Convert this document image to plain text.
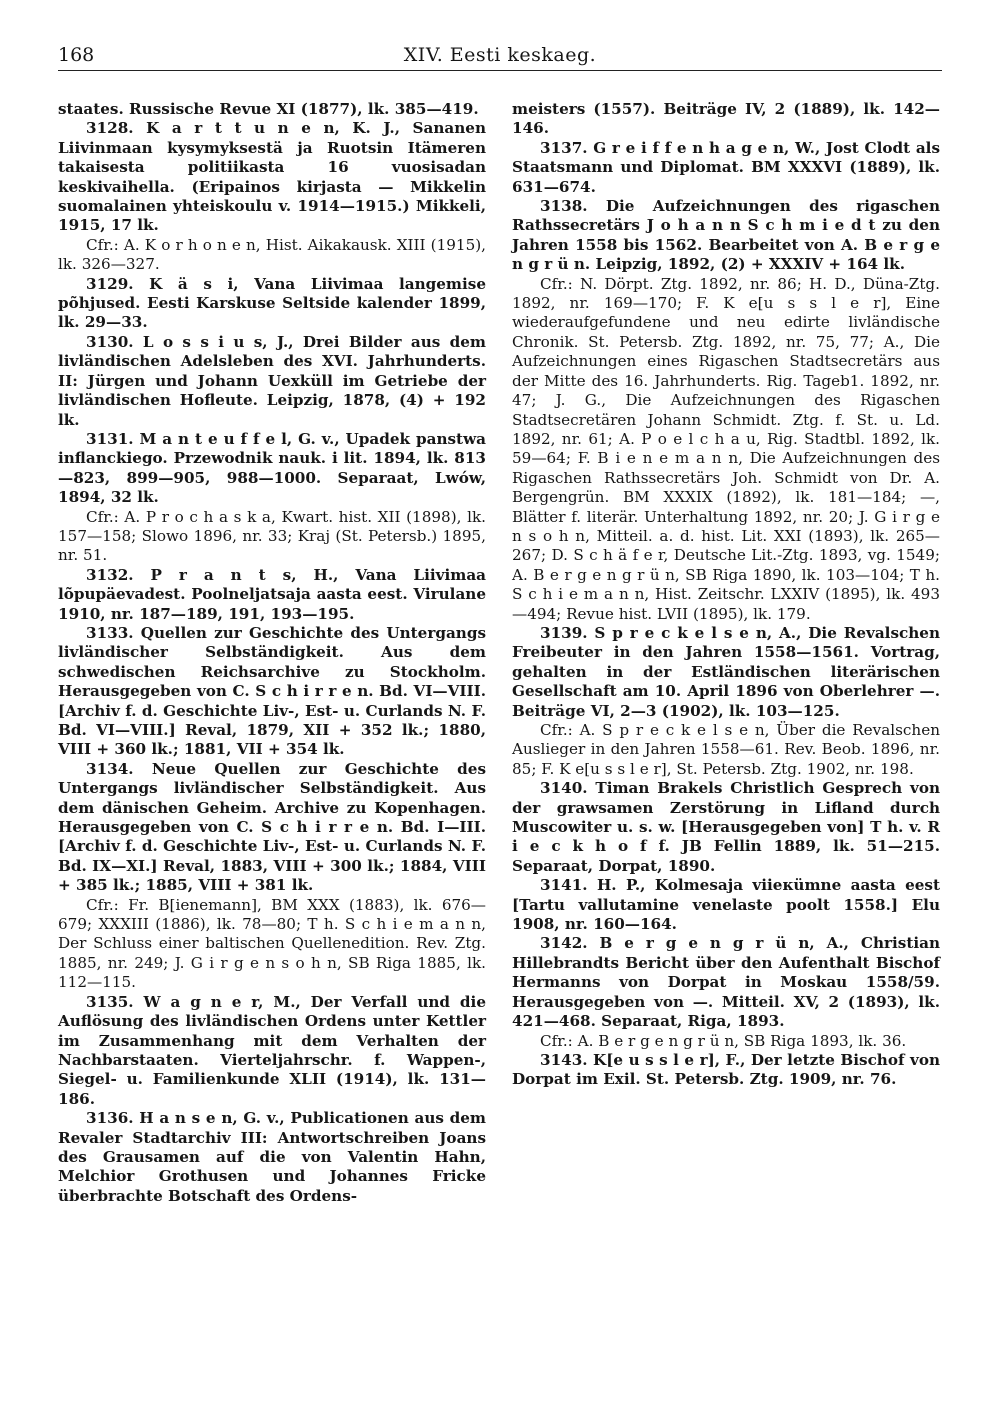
168	XIV. Eesti keskaeg.

staates. Russische Revue XI (1877), lk. 385—419.

3128. K a r t t u n e n, K. J., Sananen Liivinmaan kysymyksestä ja Ruotsin Itämeren takaisesta politiikasta 16 vuosisadan keskivaihella. (Eripainos kirjasta — Mikkelin suomalainen yhteiskoulu v. 1914—1915.) Mikkeli, 1915, 17 lk.

Cfr.: A. K o r h o n e n, Hist. Aikakausk. XIII (1915), lk. 326—327.

3129. K ä s i, Vana Liivimaa langemise põhjused. Eesti Karskuse Seltside kalender 1899, lk. 29—33.

3130. L o s s i u s, J., Drei Bilder aus dem livländischen Adelsleben des XVI. Jahrhunderts. II: Jürgen und Johann Uexküll im Getriebe der livländischen Hofleute. Leipzig, 1878, (4) + 192 lk.

3131. M a n t e u f f e l, G. v., Upadek panstwa inflanckiego. Przewodnik nauk. i lit. 1894, lk. 813—823, 899—905, 988—1000. Separaat, Lwów, 1894, 32 lk.

Cfr.: A. P r o c h a s k a, Kwart. hist. XII (1898), lk. 157—158; Slowo 1896, nr. 33; Kraj (St. Petersb.) 1895, nr. 51.

3132. P r a n t s, H., Vana Liivimaa lõpupäevadest. Poolneljatsaja aasta eest. Virulane 1910, nr. 187—189, 191, 193—195.

3133. Quellen zur Geschichte des Untergangs livländischer Selbständigkeit. Aus dem schwedischen Reichsarchive zu Stockholm. Herausgegeben von C. S c h i r r e n. Bd. VI—VIII. [Archiv f. d. Geschichte Liv-, Est- u. Curlands N. F. Bd. VI—VIII.] Reval, 1879, XII + 352 lk.; 1880, VIII + 360 lk.; 1881, VII + 354 lk.

3134. Neue Quellen zur Geschichte des Untergangs livländischer Selbständigkeit. Aus dem dänischen Geheim. Archive zu Kopenhagen. Herausgegeben von C. S c h i r r e n. Bd. I—III. [Archiv f. d. Geschichte Liv-, Est- u. Curlands N. F. Bd. IX—XI.] Reval, 1883, VIII + 300 lk.; 1884, VIII + 385 lk.; 1885, VIII + 381 lk.

Cfr.: Fr. B[ienemann], BM XXX (1883), lk. 676—679; XXXIII (1886), lk. 78—80; T h. S c h i e m a n n, Der Schluss einer baltischen Quellenedition. Rev. Ztg. 1885, nr. 249; J. G i r g e n s o h n, SB Riga 1885, lk. 112—115.

3135. W a g n e r, M., Der Verfall und die Auflösung des livländischen Ordens unter Kettler im Zusammenhang mit dem Verhalten der Nachbarstaaten. Vierteljahrschr. f. Wappen-, Siegel- u. Familienkunde XLII (1914), lk. 131—186.

3136. H a n s e n, G. v., Publicationen aus dem Revaler Stadtarchiv III: Antwortschreiben Joans des Grausamen auf die von Valentin Hahn, Melchior Grothusen und Johannes Fricke überbrachte Botschaft des Ordens-

meisters (1557). Beiträge IV, 2 (1889), lk. 142—146.

3137. G r e i f f e n h a g e n, W., Jost Clodt als Staatsmann und Diplomat. BM XXXVI (1889), lk. 631—674.

3138. Die Aufzeichnungen des rigaschen Rathssecretärs J o h a n n S c h m i e d t zu den Jahren 1558 bis 1562. Bearbeitet von A. B e r g e n g r ü n. Leipzig, 1892, (2) + XXXIV + 164 lk.

Cfr.: N. Dörpt. Ztg. 1892, nr. 86; H. D., Düna-Ztg. 1892, nr. 169—170; F. K e[u s s l e r], Eine wiederaufgefundene und neu edirte livländische Chronik. St. Petersb. Ztg. 1892, nr. 75, 77; A., Die Aufzeichnungen eines Rigaschen Stadtsecretärs aus der Mitte des 16. Jahrhunderts. Rig. Tageb1. 1892, nr. 47; J. G., Die Aufzeichnungen des Rigaschen Stadtsecretären Johann Schmidt. Ztg. f. St. u. Ld. 1892, nr. 61; A. P o e l c h a u, Rig. Stadtbl. 1892, lk. 59—64; F. B i e n e m a n n, Die Aufzeichnungen des Rigaschen Rathssecretärs Joh. Schmidt von Dr. A. Bergengrün. BM XXXIX (1892), lk. 181—184; —, Blätter f. literär. Unterhaltung 1892, nr. 20; J. G i r g e n s o h n, Mitteil. a. d. hist. Lit. XXI (1893), lk. 265—267; D. S c h ä f e r, Deutsche Lit.-Ztg. 1893, vg. 1549; A. B e r g e n g r ü n, SB Riga 1890, lk. 103—104; T h. S c h i e m a n n, Hist. Zeitschr. LXXIV (1895), lk. 493—494; Revue hist. LVII (1895), lk. 179.

3139. S p r e c k e l s e n, A., Die Revalschen Freibeuter in den Jahren 1558—1561. Vortrag, gehalten in der Estländischen literärischen Gesellschaft am 10. April 1896 von Oberlehrer —. Beiträge VI, 2—3 (1902), lk. 103—125.

Cfr.: A. S p r e c k e l s e n, Über die Revalschen Auslieger in den Jahren 1558—61. Rev. Beob. 1896, nr. 85; F. K e[u s s l e r], St. Petersb. Ztg. 1902, nr. 198.

3140. Timan Brakels Christlich Gesprech von der grawsamen Zerstörung in Lifland durch Muscowiter u. s. w. [Herausgegeben von] T h. v. R i e c k h o f f. JB Fellin 1889, lk. 51—215. Separaat, Dorpat, 1890.

3141. H. P., Kolmesaja viieкümne aasta eest [Tartu vallutamine venelaste poolt 1558.] Elu 1908, nr. 160—164.

3142. B e r g e n g r ü n, A., Christian Hillebrandts Bericht über den Aufenthalt Bischof Hermanns von Dorpat in Moskau 1558/59. Herausgegeben von —. Mitteil. XV, 2 (1893), lk. 421—468. Separaat, Riga, 1893.

Cfr.: A. B e r g e n g r ü n, SB Riga 1893, lk. 36.

3143. K[e u s s l e r], F., Der letzte Bischof von Dorpat im Exil. St. Petersb. Ztg. 1909, nr. 76.
